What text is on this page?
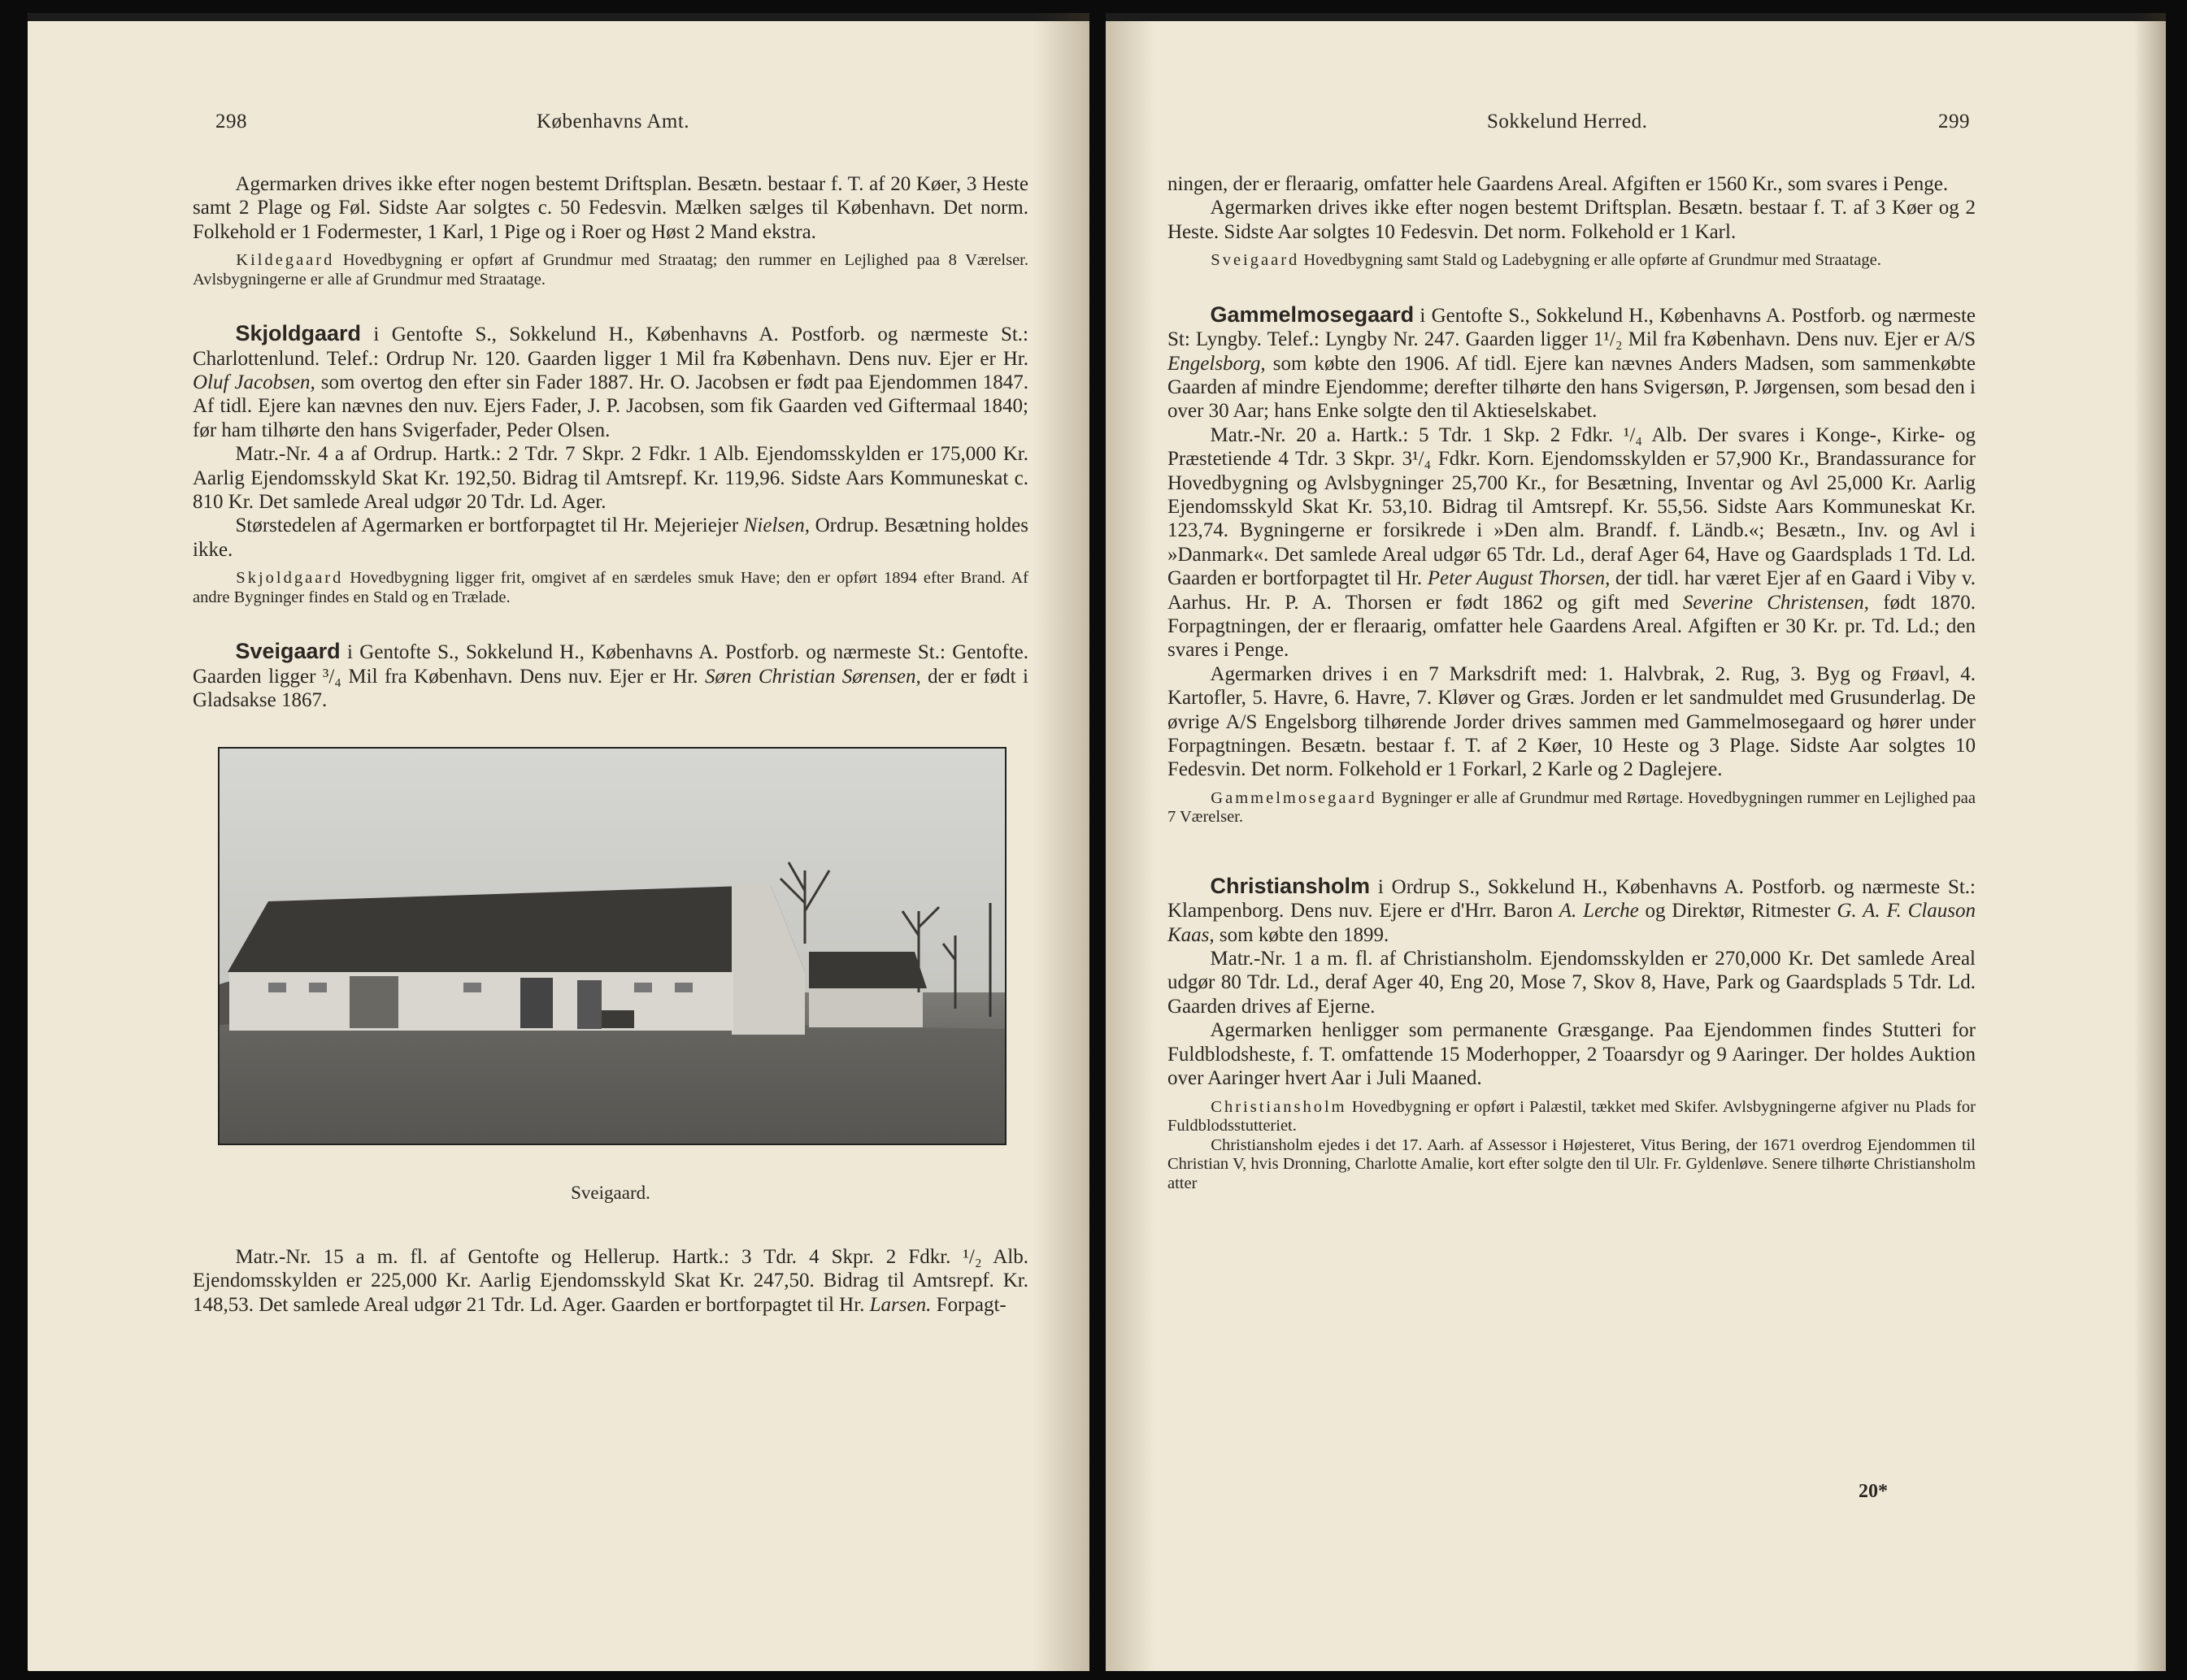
298	Københavns Amt.	Sokkelund Herred.	299

Agermarken drives ikke efter nogen bestemt Driftsplan. Besætn. bestaar f. T. af 20 Køer, 3 Heste samt 2 Plage og Føl. Sidste Aar solgtes c. 50 Fedesvin. Mælken sælges til København. Det norm. Folkehold er 1 Fodermester, 1 Karl, 1 Pige og i Roer og Høst 2 Mand ekstra.

Kildegaard Hovedbygning er opført af Grundmur med Straatag; den rummer en Lejlighed paa 8 Værelser. Avlsbygningerne er alle af Grundmur med Straatage.

Skjoldgaard i Gentofte S., Sokkelund H., Københavns A. Postforb. og nærmeste St.: Charlottenlund. Telef.: Ordrup Nr. 120. Gaarden ligger 1 Mil fra København. Dens nuv. Ejer er Hr. Oluf Jacobsen, som overtog den efter sin Fader 1887. Hr. O. Jacobsen er født paa Ejendommen 1847. Af tidl. Ejere kan nævnes den nuv. Ejers Fader, J. P. Jacobsen, som fik Gaarden ved Giftermaal 1840; før ham tilhørte den hans Svigerfader, Peder Olsen.

Matr.-Nr. 4 a af Ordrup. Hartk.: 2 Tdr. 7 Skpr. 2 Fdkr. 1 Alb. Ejendomsskylden er 175,000 Kr. Aarlig Ejendomsskyld Skat Kr. 192,50. Bidrag til Amtsrepf. Kr. 119,96. Sidste Aars Kommuneskat c. 810 Kr. Det samlede Areal udgør 20 Tdr. Ld. Ager.

Størstedelen af Agermarken er bortforpagtet til Hr. Mejeriejer Nielsen, Ordrup. Besætning holdes ikke.

Skjoldgaard Hovedbygning ligger frit, omgivet af en særdeles smuk Have; den er opført 1894 efter Brand. Af andre Bygninger findes en Stald og en Trælade.

Sveigaard i Gentofte S., Sokkelund H., Københavns A. Postforb. og nærmeste St.: Gentofte. Gaarden ligger ³/₄ Mil fra København. Dens nuv. Ejer er Hr. Søren Christian Sørensen, der er født i Gladsakse 1867.

Sveigaard.

Matr.-Nr. 15 a m. fl. af Gentofte og Hellerup. Hartk.: 3 Tdr. 4 Skpr. 2 Fdkr. ¹/₂ Alb. Ejendomsskylden er 225,000 Kr. Aarlig Ejendomsskyld Skat Kr. 247,50. Bidrag til Amtsrepf. Kr. 148,53. Det samlede Areal udgør 21 Tdr. Ld. Ager. Gaarden er bortforpagtet til Hr. Larsen. Forpagt-

ningen, der er fleraarig, omfatter hele Gaardens Areal. Afgiften er 1560 Kr., som svares i Penge.

Agermarken drives ikke efter nogen bestemt Driftsplan. Besætn. bestaar f. T. af 3 Køer og 2 Heste. Sidste Aar solgtes 10 Fedesvin. Det norm. Folkehold er 1 Karl.

Sveigaard Hovedbygning samt Stald og Ladebygning er alle opførte af Grundmur med Straatage.

Gammelmosegaard i Gentofte S., Sokkelund H., Københavns A. Postforb. og nærmeste St: Lyngby. Telef.: Lyngby Nr. 247. Gaarden ligger 1¹/₂ Mil fra København. Dens nuv. Ejer er A/S Engelsborg, som købte den 1906. Af tidl. Ejere kan nævnes Anders Madsen, som sammenkøbte Gaarden af mindre Ejendomme; derefter tilhørte den hans Svigersøn, P. Jørgensen, som besad den i over 30 Aar; hans Enke solgte den til Aktieselskabet.

Matr.-Nr. 20 a. Hartk.: 5 Tdr. 1 Skp. 2 Fdkr. ¹/₄ Alb. Der svares i Konge-, Kirke- og Præstetiende 4 Tdr. 3 Skpr. 3¹/₄ Fdkr. Korn. Ejendomsskylden er 57,900 Kr., Brandassurance for Hovedbygning og Avlsbygninger 25,700 Kr., for Besætning, Inventar og Avl 25,000 Kr. Aarlig Ejendomsskyld Skat Kr. 53,10. Bidrag til Amtsrepf. Kr. 55,56. Sidste Aars Kommuneskat Kr. 123,74. Bygningerne er forsikrede i »Den alm. Brandf. f. Ländb.«; Besætn., Inv. og Avl i »Danmark«. Det samlede Areal udgør 65 Tdr. Ld., deraf Ager 64, Have og Gaardsplads 1 Td. Ld. Gaarden er bortforpagtet til Hr. Peter August Thorsen, der tidl. har været Ejer af en Gaard i Viby v. Aarhus. Hr. P. A. Thorsen er født 1862 og gift med Severine Christensen, født 1870. Forpagtningen, der er fleraarig, omfatter hele Gaardens Areal. Afgiften er 30 Kr. pr. Td. Ld.; den svares i Penge.

Agermarken drives i en 7 Marksdrift med: 1. Halvbrak, 2. Rug, 3. Byg og Frøavl, 4. Kartofler, 5. Havre, 6. Havre, 7. Kløver og Græs. Jorden er let sandmuldet med Grusunderlag. De øvrige A/S Engelsborg tilhørende Jorder drives sammen med Gammelmosegaard og hører under Forpagtningen. Besætn. bestaar f. T. af 2 Køer, 10 Heste og 3 Plage. Sidste Aar solgtes 10 Fedesvin. Det norm. Folkehold er 1 Forkarl, 2 Karle og 2 Daglejere.

Gammelmosegaard Bygninger er alle af Grundmur med Rørtage. Hovedbygningen rummer en Lejlighed paa 7 Værelser.

Christiansholm i Ordrup S., Sokkelund H., Københavns A. Postforb. og nærmeste St.: Klampenborg. Dens nuv. Ejere er d'Hrr. Baron A. Lerche og Direktør, Ritmester G. A. F. Clauson Kaas, som købte den 1899.

Matr.-Nr. 1 a m. fl. af Christiansholm. Ejendomsskylden er 270,000 Kr. Det samlede Areal udgør 80 Tdr. Ld., deraf Ager 40, Eng 20, Mose 7, Skov 8, Have, Park og Gaardsplads 5 Tdr. Ld. Gaarden drives af Ejerne.

Agermarken henligger som permanente Græsgange. Paa Ejendommen findes Stutteri for Fuldblodsheste, f. T. omfattende 15 Moderhopper, 2 Toaarsdyr og 9 Aaringer. Der holdes Auktion over Aaringer hvert Aar i Juli Maaned.

Christiansholm Hovedbygning er opført i Palæstil, tækket med Skifer. Avlsbygningerne afgiver nu Plads for Fuldblodsstutteriet.

Christiansholm ejedes i det 17. Aarh. af Assessor i Højesteret, Vitus Bering, der 1671 overdrog Ejendommen til Christian V, hvis Dronning, Charlotte Amalie, kort efter solgte den til Ulr. Fr. Gyldenløve. Senere tilhørte Christiansholm atter

20*
